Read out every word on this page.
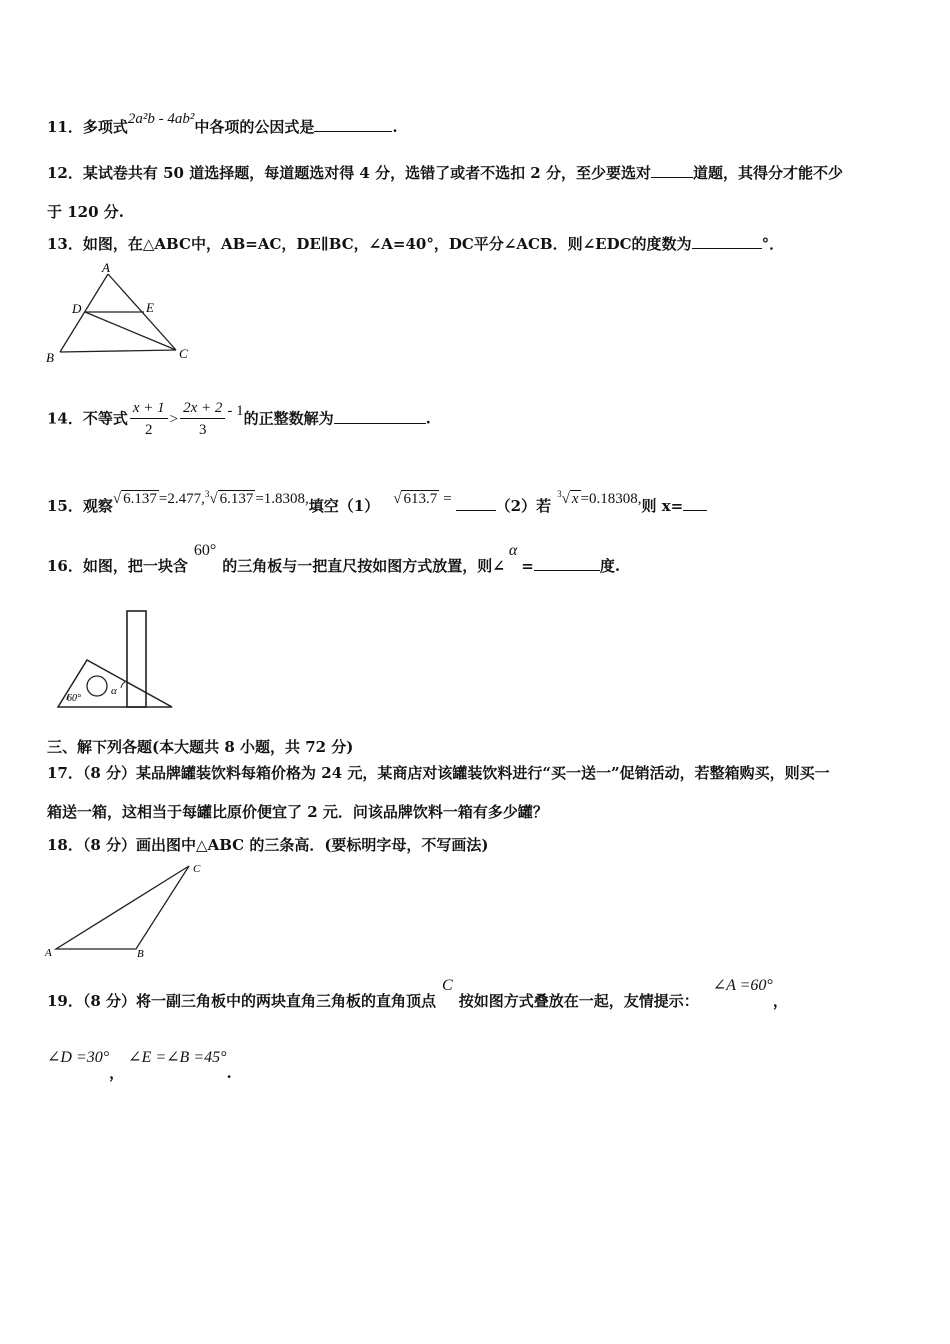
11．多项式2a²b - 4ab²中各项的公因式是	.
12．某试卷共有 50 道选择题，每道题选对得 4 分，选错了或者不选扣 2 分，至少要选对	道题，其得分才能不少
于 120 分.
13．如图，在△ABC中，AB=AC，DE∥BC，∠A=40°，DC平分∠ACB．则∠EDC的度数为	°．
A
D	E
B	C
14．不等式 $\frac{x + 1}{2} > \frac{2x + 2}{3} - 1$的正整数解为	.
15．观察√ 6.137 =2.477,$^3$√ 6.137 =1.8308,填空（1） √ 613.7 =	（2）若$^3$√ x =0.18308,则 x=
16．如图，把一块含60°的三角板与一把直尺按如图方式放置，则∠α=	度.
60°
α
三、解下列各题(本大题共 8 小题，共 72 分)
17．（8 分）某品牌罐装饮料每箱价格为 24 元，某商店对该罐装饮料进行“买一送一”促销活动，若整箱购买，则买一
箱送一箱，这相当于每罐比原价便宜了 2 元．问该品牌饮料一箱有多少罐？
18．（8 分）画出图中△ABC 的三条高．(要标明字母，不写画法)
A	B
C
19．（8 分）将一副三角板中的两块直角三角板的直角顶点C按如图方式叠放在一起，友情提示：∠A =60°，
∠D =30°，∠E =∠B =45°.
